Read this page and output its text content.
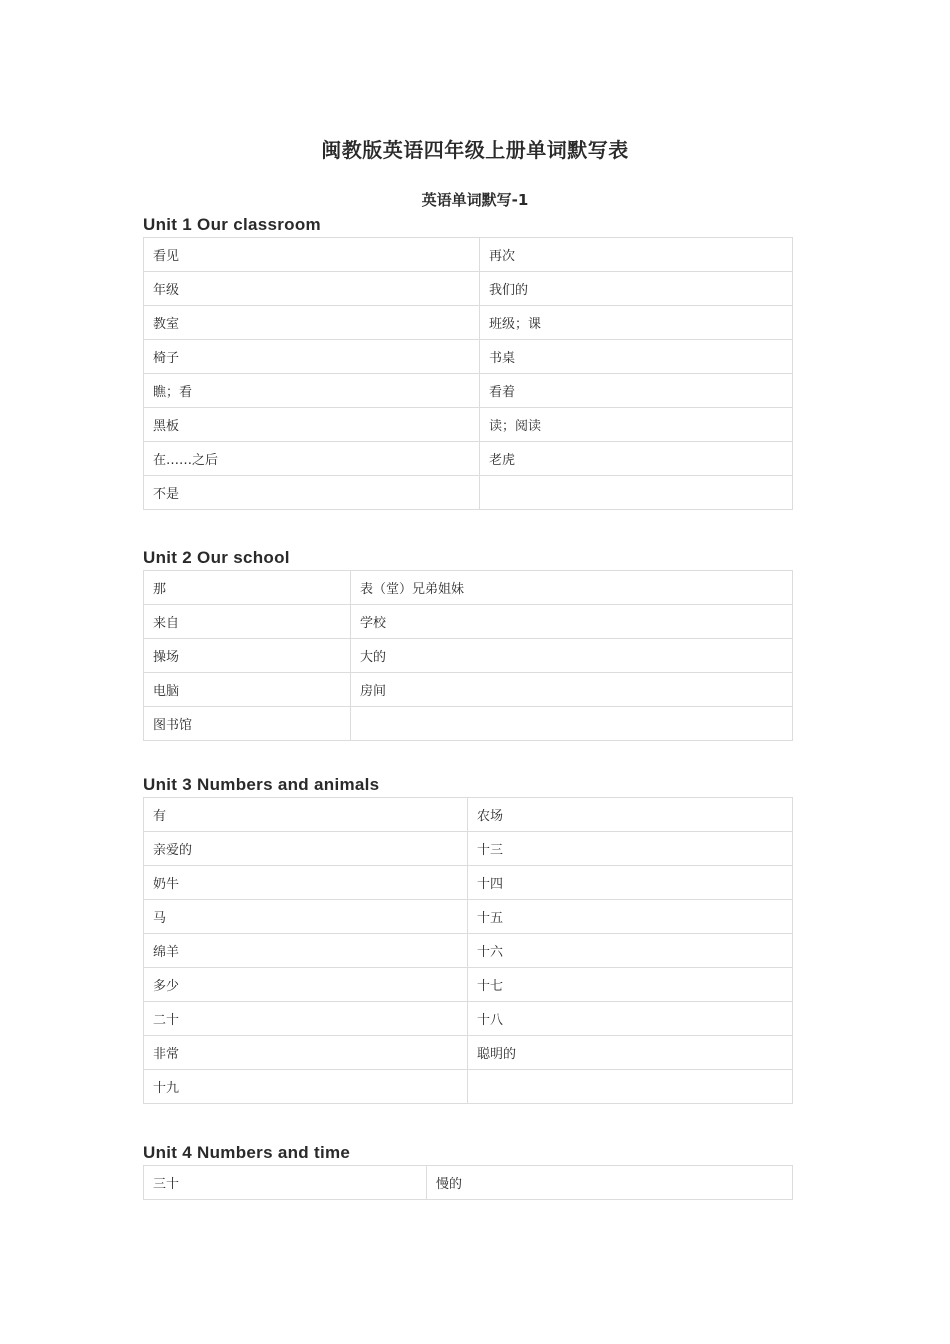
闽教版英语四年级上册单词默写表
英语单词默写-1
Unit 1 Our classroom
看见	再次
年级	我们的
教室	班级；课
椅子	书桌
瞧；看	看着
黑板	读；阅读
在……之后	老虎
不是	
Unit 2 Our school
那	表（堂）兄弟姐妹
来自	学校
操场	大的
电脑	房间
图书馆	
Unit 3 Numbers and animals
有	农场
亲爱的	十三
奶牛	十四
马	十五
绵羊	十六
多少	十七
二十	十八
非常	聪明的
十九	
Unit 4 Numbers and time
三十	慢的
